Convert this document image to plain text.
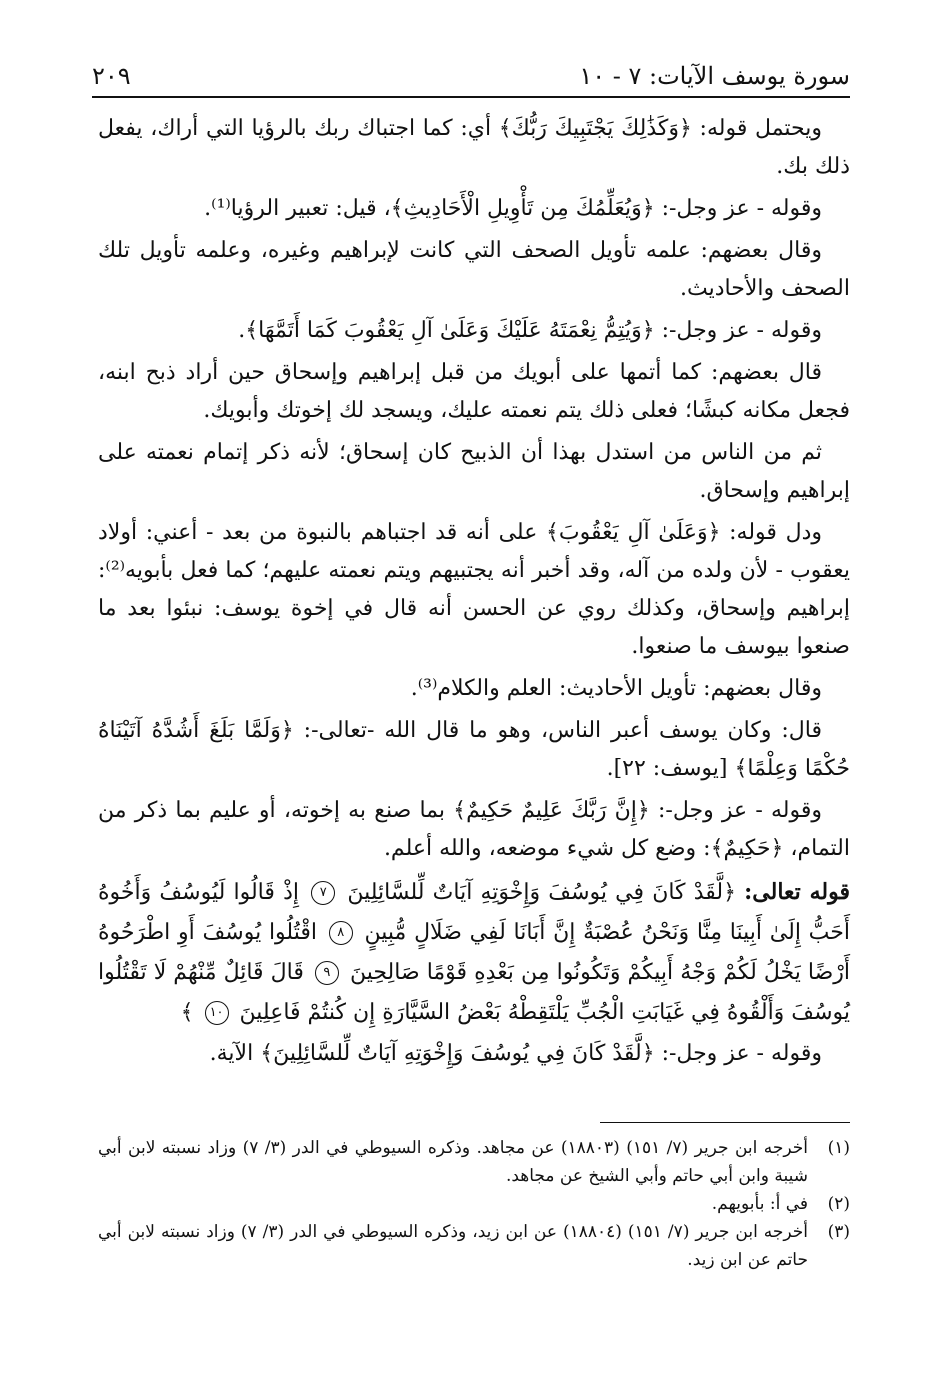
سورة يوسف الآيات: ٧ - ١٠
٢٠٩

ويحتمل قوله: ﴿وَكَذَٰلِكَ يَجْتَبِيكَ رَبُّكَ﴾ أي: كما اجتباك ربك بالرؤيا التي أراك، يفعل ذلك بك.

وقوله - عز وجل-: ﴿وَيُعَلِّمُكَ مِن تَأْوِيلِ الْأَحَادِيثِ﴾، قيل: تعبير الرؤيا⁽¹⁾.

وقال بعضهم: علمه تأويل الصحف التي كانت لإبراهيم وغيره، وعلمه تأويل تلك الصحف والأحاديث.

وقوله - عز وجل-: ﴿وَيُتِمُّ نِعْمَتَهُ عَلَيْكَ وَعَلَىٰ آلِ يَعْقُوبَ كَمَا أَتَمَّهَا﴾.

قال بعضهم: كما أتمها على أبويك من قبل إبراهيم وإسحاق حين أراد ذبح ابنه، فجعل مكانه كبشًا؛ فعلى ذلك يتم نعمته عليك، ويسجد لك إخوتك وأبويك.

ثم من الناس من استدل بهذا أن الذبيح كان إسحاق؛ لأنه ذكر إتمام نعمته على إبراهيم وإسحاق.

ودل قوله: ﴿وَعَلَىٰ آلِ يَعْقُوبَ﴾ على أنه قد اجتباهم بالنبوة من بعد - أعني: أولاد يعقوب - لأن ولده من آله، وقد أخبر أنه يجتبيهم ويتم نعمته عليهم؛ كما فعل بأبويه⁽²⁾: إبراهيم وإسحاق، وكذلك روي عن الحسن أنه قال في إخوة يوسف: نبئوا بعد ما صنعوا بيوسف ما صنعوا.

وقال بعضهم: تأويل الأحاديث: العلم والكلام⁽³⁾.

قال: وكان يوسف أعبر الناس، وهو ما قال الله -تعالى-: ﴿وَلَمَّا بَلَغَ أَشُدَّهُ آتَيْنَاهُ حُكْمًا وَعِلْمًا﴾ [يوسف: ٢٢].

وقوله - عز وجل-: ﴿إِنَّ رَبَّكَ عَلِيمٌ حَكِيمٌ﴾ بما صنع به إخوته، أو عليم بما ذكر من التمام، ﴿حَكِيمٌ﴾: وضع كل شيء موضعه، والله أعلم.

قوله تعالى: ﴿لَّقَدْ كَانَ فِي يُوسُفَ وَإِخْوَتِهِ آيَاتٌ لِّلسَّائِلِينَ ٧ إِذْ قَالُوا لَيُوسُفُ وَأَخُوهُ أَحَبُّ إِلَىٰ أَبِينَا مِنَّا وَنَحْنُ عُصْبَةٌ إِنَّ أَبَانَا لَفِي ضَلَالٍ مُّبِينٍ ٨ اقْتُلُوا يُوسُفَ أَوِ اطْرَحُوهُ أَرْضًا يَخْلُ لَكُمْ وَجْهُ أَبِيكُمْ وَتَكُونُوا مِن بَعْدِهِ قَوْمًا صَالِحِينَ ٩ قَالَ قَائِلٌ مِّنْهُمْ لَا تَقْتُلُوا يُوسُفَ وَأَلْقُوهُ فِي غَيَابَتِ الْجُبِّ يَلْتَقِطْهُ بَعْضُ السَّيَّارَةِ إِن كُنتُمْ فَاعِلِينَ ١٠ ﴾

وقوله - عز وجل-: ﴿لَّقَدْ كَانَ فِي يُوسُفَ وَإِخْوَتِهِ آيَاتٌ لِّلسَّائِلِينَ﴾ الآية.

(١)
أخرجه ابن جرير (٧/ ١٥١) (١٨٨٠٣) عن مجاهد. وذكره السيوطي في الدر (٣/ ٧) وزاد نسبته لابن أبي شيبة وابن أبي حاتم وأبي الشيخ عن مجاهد.
(٢)
في أ: بأبويهم.
(٣)
أخرجه ابن جرير (٧/ ١٥١) (١٨٨٠٤) عن ابن زيد، وذكره السيوطي في الدر (٣/ ٧) وزاد نسبته لابن أبي حاتم عن ابن زيد.
